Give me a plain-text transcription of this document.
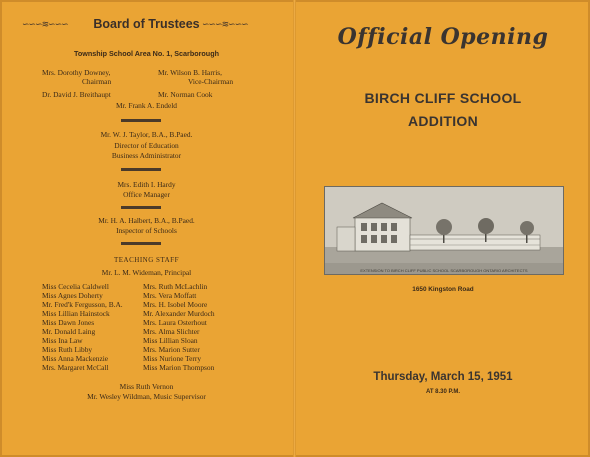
∽∽∽≋∽∽∽	Board of Trustees ∽∽∽≋∽∽∽
Township School Area No. 1, Scarborough
Mrs. Dorothy Downey,
Chairman
Mr. Wilson B. Harris,
Vice-Chairman
Dr. David J. Breithaupt	Mr. Norman Cook
Mr. Frank A. Endeld
Mr. W. J. Taylor, B.A., B.Paed.
Director of Education
Business Administrator
Mrs. Edith I. Hardy
Office Manager
Mr. H. A. Halbert, B.A., B.Paed.
Inspector of Schools
TEACHING STAFF
Mr. L. M. Wideman, Principal
Miss Cecelia Caldwell
Miss Agnes Doherty
Mr. Fred'k Fergusson, B.A.
Miss Lillian Hainstock
Miss Dawn Jones
Mr. Donald Laing
Miss Ina Law
Miss Ruth Libby
Miss Anna Mackenzie
Mrs. Margaret McCall
Mrs. Ruth McLachlin
Mrs. Vera Moffatt
Mrs. H. Isobel Moore
Mr. Alexander Murdoch
Mrs. Laura Osterhout
Mrs. Alma Slichter
Miss Lillian Sloan
Mrs. Marion Sutter
Miss Nurione Terry
Miss Marion Thompson
Miss Ruth Vernon
Mr. Wesley Wildman, Music Supervisor
Official Opening
BIRCH CLIFF SCHOOL
ADDITION
EXTENSION TO BIRCH CLIFF PUBLIC SCHOOL SCARBOROUGH ONTARIO ARCHITECTS
1650 Kingston Road
Thursday, March 15, 1951
AT 8.30 P.M.
